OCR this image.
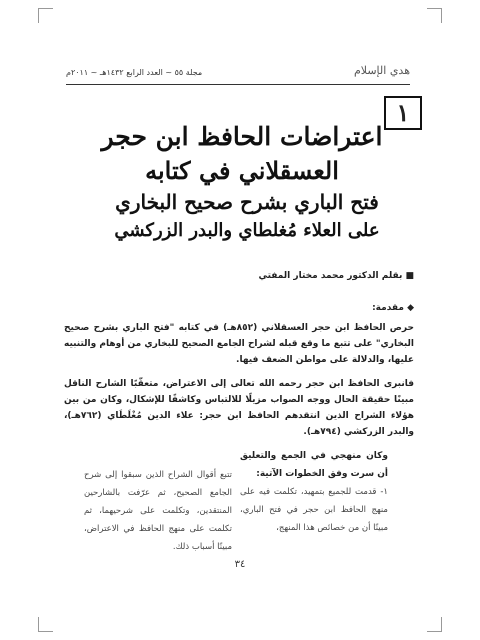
مجلة ٥٥ ~ العدد الرابع ١٤٣٢هـ ~ ٢٠١١م	هدي الإسلام
١
اعتراضات الحافظ ابن حجر
العسقلاني في كتابه
فتح الباري بشرح صحيح البخاري
على العلاء مُغلطاي والبدر الزركشي
■ بقلم الدكتور محمد مختار المفتي
◆ مقدمة:
حرص الحافظ ابن حجر العسقلاني (٨٥٢هـ) في كتابه "فتح الباري بشرح صحيح البخاري" على تتبع ما وقع قبله لشراح الجامع الصحيح للبخاري من أوهام والتنبيه عليها، والدلالة على مواطن الضعف فيها.
فانبرى الحافظ ابن حجر رحمه الله تعالى إلى الاعتراض، متعقّبًا الشارح الناقل مبينًا حقيقة الحال ووجه الصواب مزيلًا للالتباس وكاشفًا للإشكال، وكان من بين هؤلاء الشراح الذين انتقدهم الحافظ ابن حجر: علاء الدين مُغْلَطَاي (٧٦٢هـ)، والبدر الزركشي (٧٩٤هـ).
وكان منهجي في الجمع والتعليق أن سرت وفق الخطوات الآتية:
١- قدمت للجميع بتمهيد، تكلمت فيه على منهج الحافظ ابن حجر في فتح الباري، مبينًا أن من خصائص هذا المنهج،
تتبع أقوال الشراح الذين سبقوا إلى شرح الجامع الصحيح، ثم عرّفت بالشارحين المنتقدين، وتكلمت على شرحيهما، ثم تكلمت على منهج الحافظ في الاعتراض، مبينًا أسباب ذلك.
٣٤
